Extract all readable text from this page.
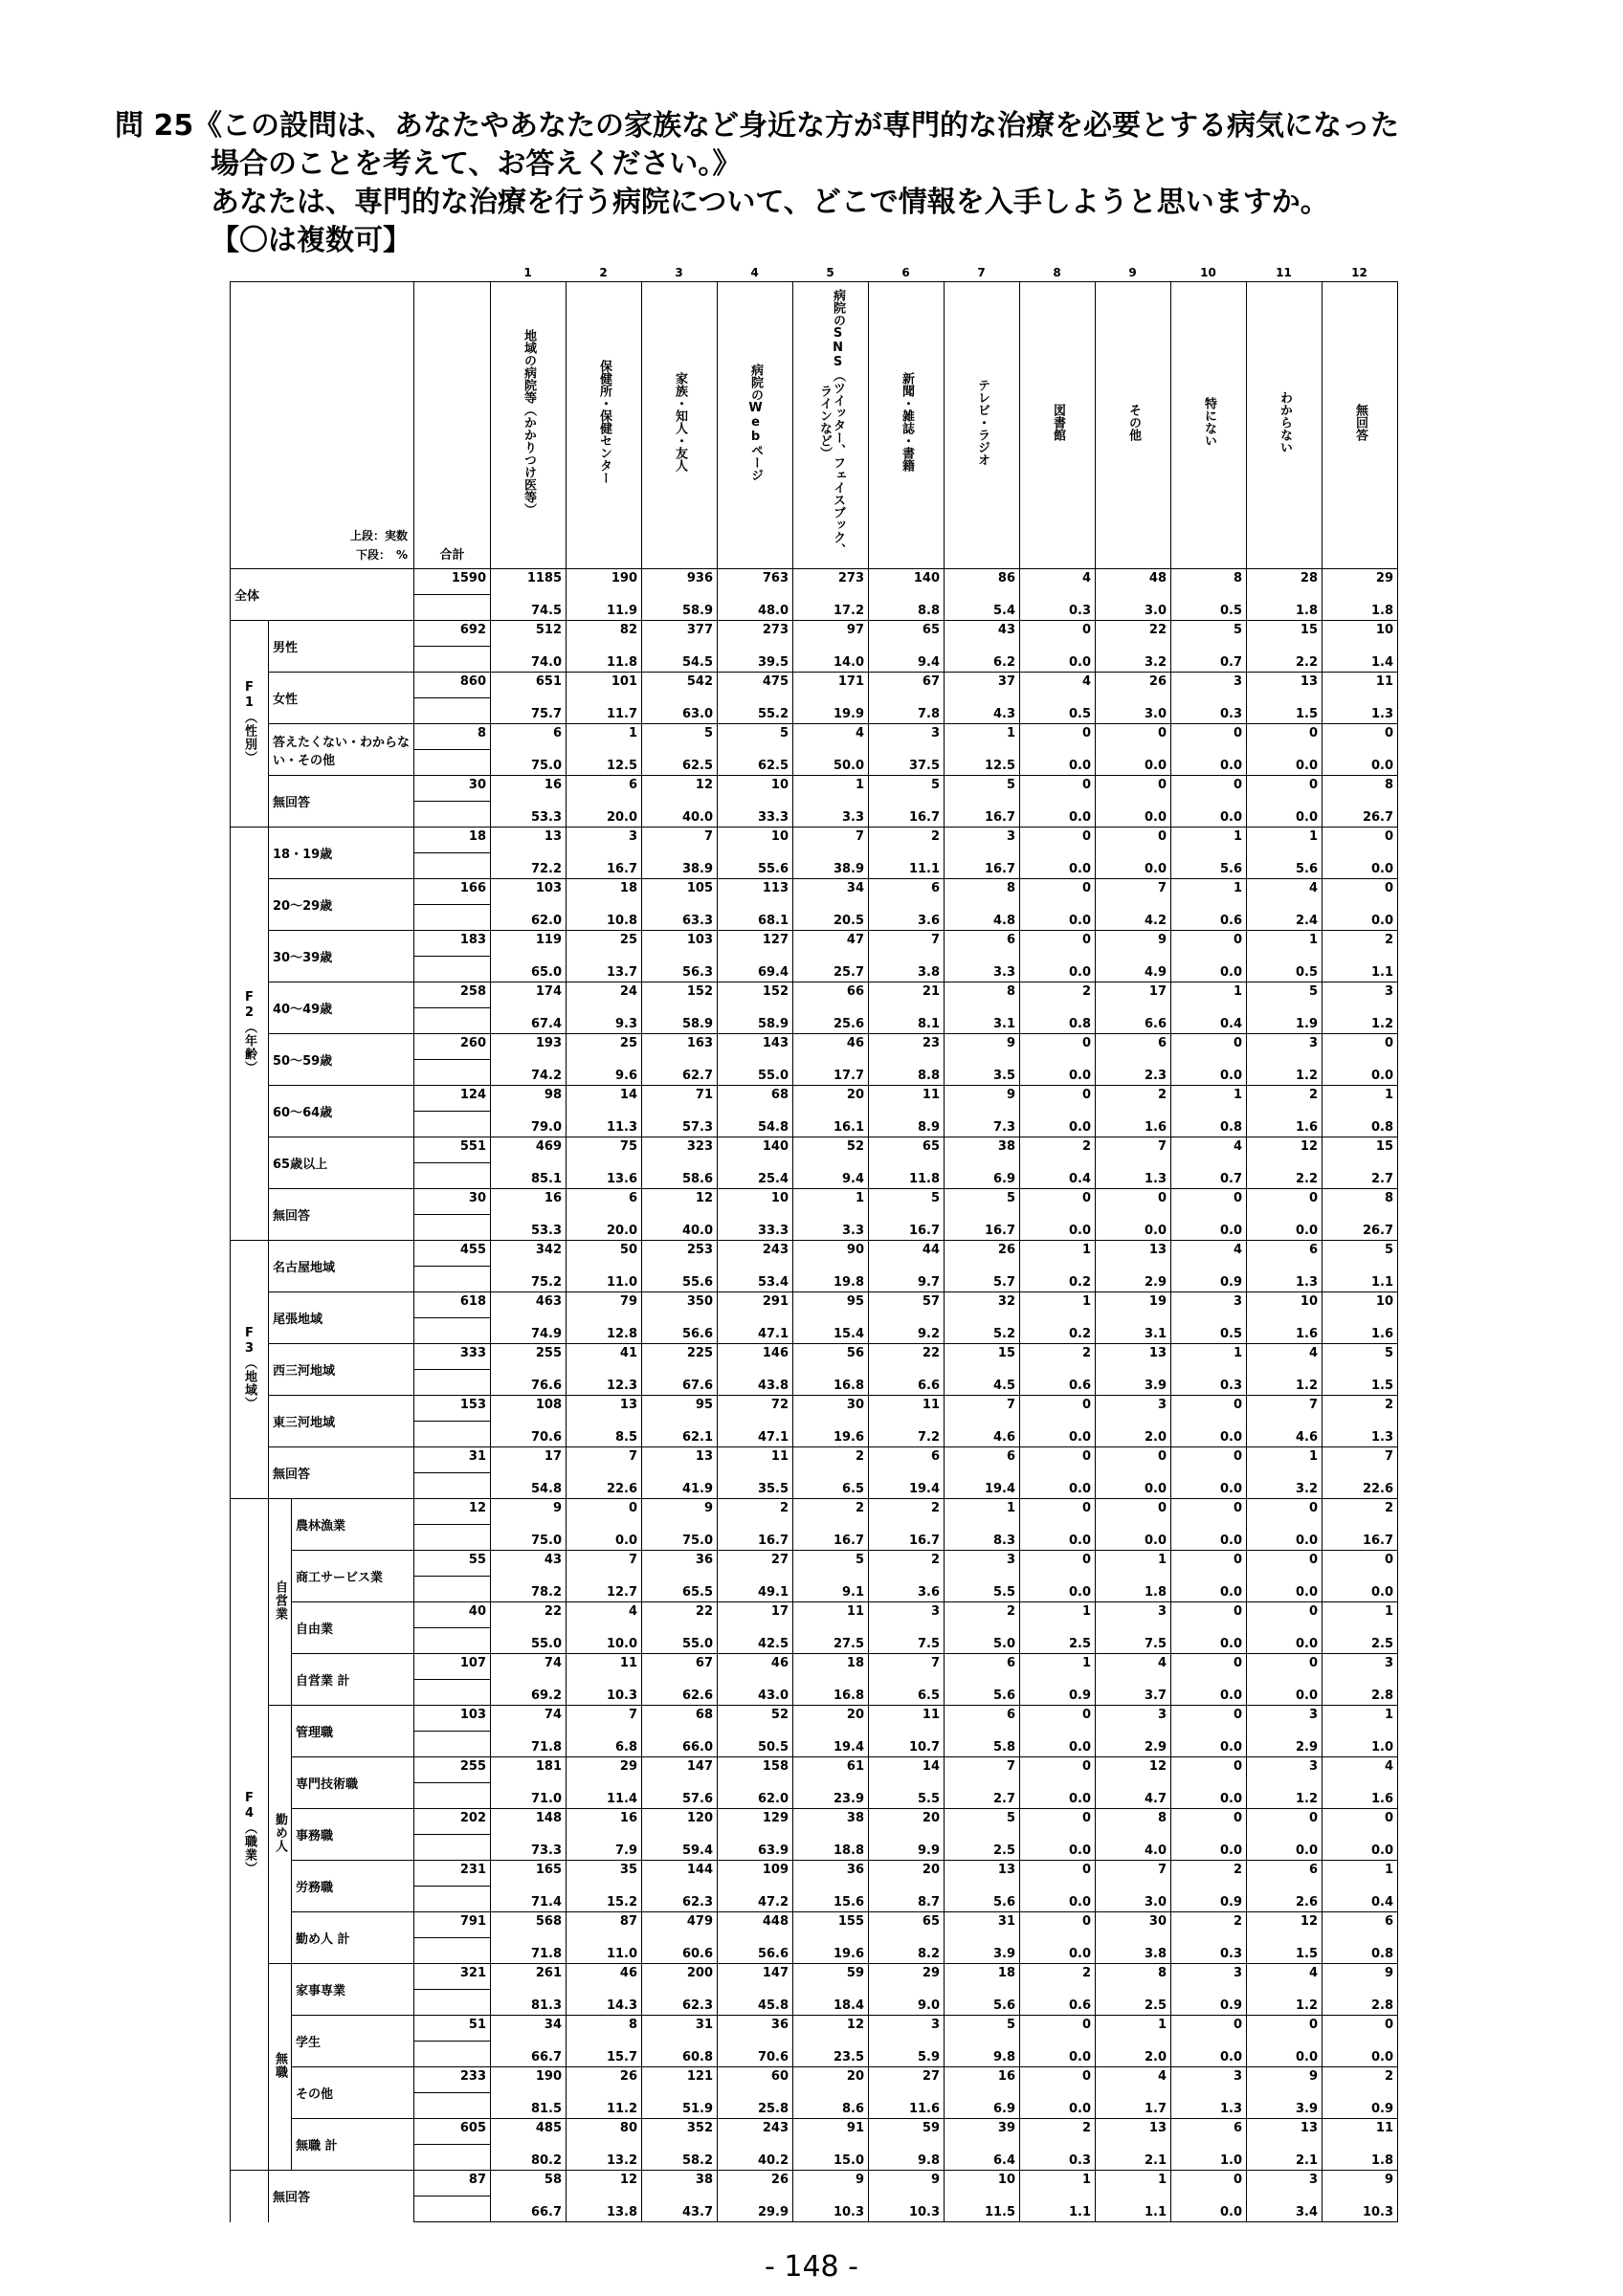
問 25 《この設問は、あなたやあなたの家族など身近な方が専門的な治療を必要とする病気になった
場合のことを考えて、お答えください。》
あなたは、専門的な治療を行う病院について、どこで情報を入手しようと思いますか。
【〇は複数可】
1	2	3	4	5	6	7	8	9	10	11	12
上段：実数
下段：　%			合計	地域の病院等（かかりつけ医等）	保健所・保健センター	家族・知人・友人	病院のWebページ	病院のSNS（ツイッター、フェイスブック、ラインなど）	新聞・雑誌・書籍	テレビ・ラジオ	図書館	その他	特にない	わからない	無回答
全体			1590	1185	190	936	763	273	140	86	4	48	8	28	29
				74.5	11.9	58.9	48.0	17.2	8.8	5.4	0.3	3.0	0.5	1.8	1.8
F1（性別）	男性		692	512	82	377	273	97	65	43	0	22	5	15	10
				74.0	11.8	54.5	39.5	14.0	9.4	6.2	0.0	3.2	0.7	2.2	1.4
	女性		860	651	101	542	475	171	67	37	4	26	3	13	11
				75.7	11.7	63.0	55.2	19.9	7.8	4.3	0.5	3.0	0.3	1.5	1.3
	答えたくない・わからない・その他		8	6	1	5	5	4	3	1	0	0	0	0	0
				75.0	12.5	62.5	62.5	50.0	37.5	12.5	0.0	0.0	0.0	0.0	0.0
	無回答		30	16	6	12	10	1	5	5	0	0	0	0	8
				53.3	20.0	40.0	33.3	3.3	16.7	16.7	0.0	0.0	0.0	0.0	26.7
F2（年齢）	18・19歳		18	13	3	7	10	7	2	3	0	0	1	1	0
				72.2	16.7	38.9	55.6	38.9	11.1	16.7	0.0	0.0	5.6	5.6	0.0
	20～29歳		166	103	18	105	113	34	6	8	0	7	1	4	0
				62.0	10.8	63.3	68.1	20.5	3.6	4.8	0.0	4.2	0.6	2.4	0.0
	30～39歳		183	119	25	103	127	47	7	6	0	9	0	1	2
				65.0	13.7	56.3	69.4	25.7	3.8	3.3	0.0	4.9	0.0	0.5	1.1
	40～49歳		258	174	24	152	152	66	21	8	2	17	1	5	3
				67.4	9.3	58.9	58.9	25.6	8.1	3.1	0.8	6.6	0.4	1.9	1.2
	50～59歳		260	193	25	163	143	46	23	9	0	6	0	3	0
				74.2	9.6	62.7	55.0	17.7	8.8	3.5	0.0	2.3	0.0	1.2	0.0
	60～64歳		124	98	14	71	68	20	11	9	0	2	1	2	1
				79.0	11.3	57.3	54.8	16.1	8.9	7.3	0.0	1.6	0.8	1.6	0.8
	65歳以上		551	469	75	323	140	52	65	38	2	7	4	12	15
				85.1	13.6	58.6	25.4	9.4	11.8	6.9	0.4	1.3	0.7	2.2	2.7
	無回答		30	16	6	12	10	1	5	5	0	0	0	0	8
				53.3	20.0	40.0	33.3	3.3	16.7	16.7	0.0	0.0	0.0	0.0	26.7
F3（地域）	名古屋地域		455	342	50	253	243	90	44	26	1	13	4	6	5
				75.2	11.0	55.6	53.4	19.8	9.7	5.7	0.2	2.9	0.9	1.3	1.1
	尾張地域		618	463	79	350	291	95	57	32	1	19	3	10	10
				74.9	12.8	56.6	47.1	15.4	9.2	5.2	0.2	3.1	0.5	1.6	1.6
	西三河地域		333	255	41	225	146	56	22	15	2	13	1	4	5
				76.6	12.3	67.6	43.8	16.8	6.6	4.5	0.6	3.9	0.3	1.2	1.5
	東三河地域		153	108	13	95	72	30	11	7	0	3	0	7	2
				70.6	8.5	62.1	47.1	19.6	7.2	4.6	0.0	2.0	0.0	4.6	1.3
	無回答		31	17	7	13	11	2	6	6	0	0	0	1	7
				54.8	22.6	41.9	35.5	6.5	19.4	19.4	0.0	0.0	0.0	3.2	22.6
F4（職業）	自営業	農林漁業	12	9	0	9	2	2	2	1	0	0	0	0	2
				75.0	0.0	75.0	16.7	16.7	16.7	8.3	0.0	0.0	0.0	0.0	16.7
		商工サービス業	55	43	7	36	27	5	2	3	0	1	0	0	0
				78.2	12.7	65.5	49.1	9.1	3.6	5.5	0.0	1.8	0.0	0.0	0.0
		自由業	40	22	4	22	17	11	3	2	1	3	0	0	1
				55.0	10.0	55.0	42.5	27.5	7.5	5.0	2.5	7.5	0.0	0.0	2.5
		自営業 計	107	74	11	67	46	18	7	6	1	4	0	0	3
				69.2	10.3	62.6	43.0	16.8	6.5	5.6	0.9	3.7	0.0	0.0	2.8
	勤め人	管理職	103	74	7	68	52	20	11	6	0	3	0	3	1
				71.8	6.8	66.0	50.5	19.4	10.7	5.8	0.0	2.9	0.0	2.9	1.0
		専門技術職	255	181	29	147	158	61	14	7	0	12	0	3	4
				71.0	11.4	57.6	62.0	23.9	5.5	2.7	0.0	4.7	0.0	1.2	1.6
		事務職	202	148	16	120	129	38	20	5	0	8	0	0	0
				73.3	7.9	59.4	63.9	18.8	9.9	2.5	0.0	4.0	0.0	0.0	0.0
		労務職	231	165	35	144	109	36	20	13	0	7	2	6	1
				71.4	15.2	62.3	47.2	15.6	8.7	5.6	0.0	3.0	0.9	2.6	0.4
		勤め人 計	791	568	87	479	448	155	65	31	0	30	2	12	6
				71.8	11.0	60.6	56.6	19.6	8.2	3.9	0.0	3.8	0.3	1.5	0.8
	無職	家事専業	321	261	46	200	147	59	29	18	2	8	3	4	9
				81.3	14.3	62.3	45.8	18.4	9.0	5.6	0.6	2.5	0.9	1.2	2.8
		学生	51	34	8	31	36	12	3	5	0	1	0	0	0
				66.7	15.7	60.8	70.6	23.5	5.9	9.8	0.0	2.0	0.0	0.0	0.0
		その他	233	190	26	121	60	20	27	16	0	4	3	9	2
				81.5	11.2	51.9	25.8	8.6	11.6	6.9	0.0	1.7	1.3	3.9	0.9
		無職 計	605	485	80	352	243	91	59	39	2	13	6	13	11
				80.2	13.2	58.2	40.2	15.0	9.8	6.4	0.3	2.1	1.0	2.1	1.8
	無回答		87	58	12	38	26	9	9	10	1	1	0	3	9
				66.7	13.8	43.7	29.9	10.3	10.3	11.5	1.1	1.1	0.0	3.4	10.3
- 148 -
